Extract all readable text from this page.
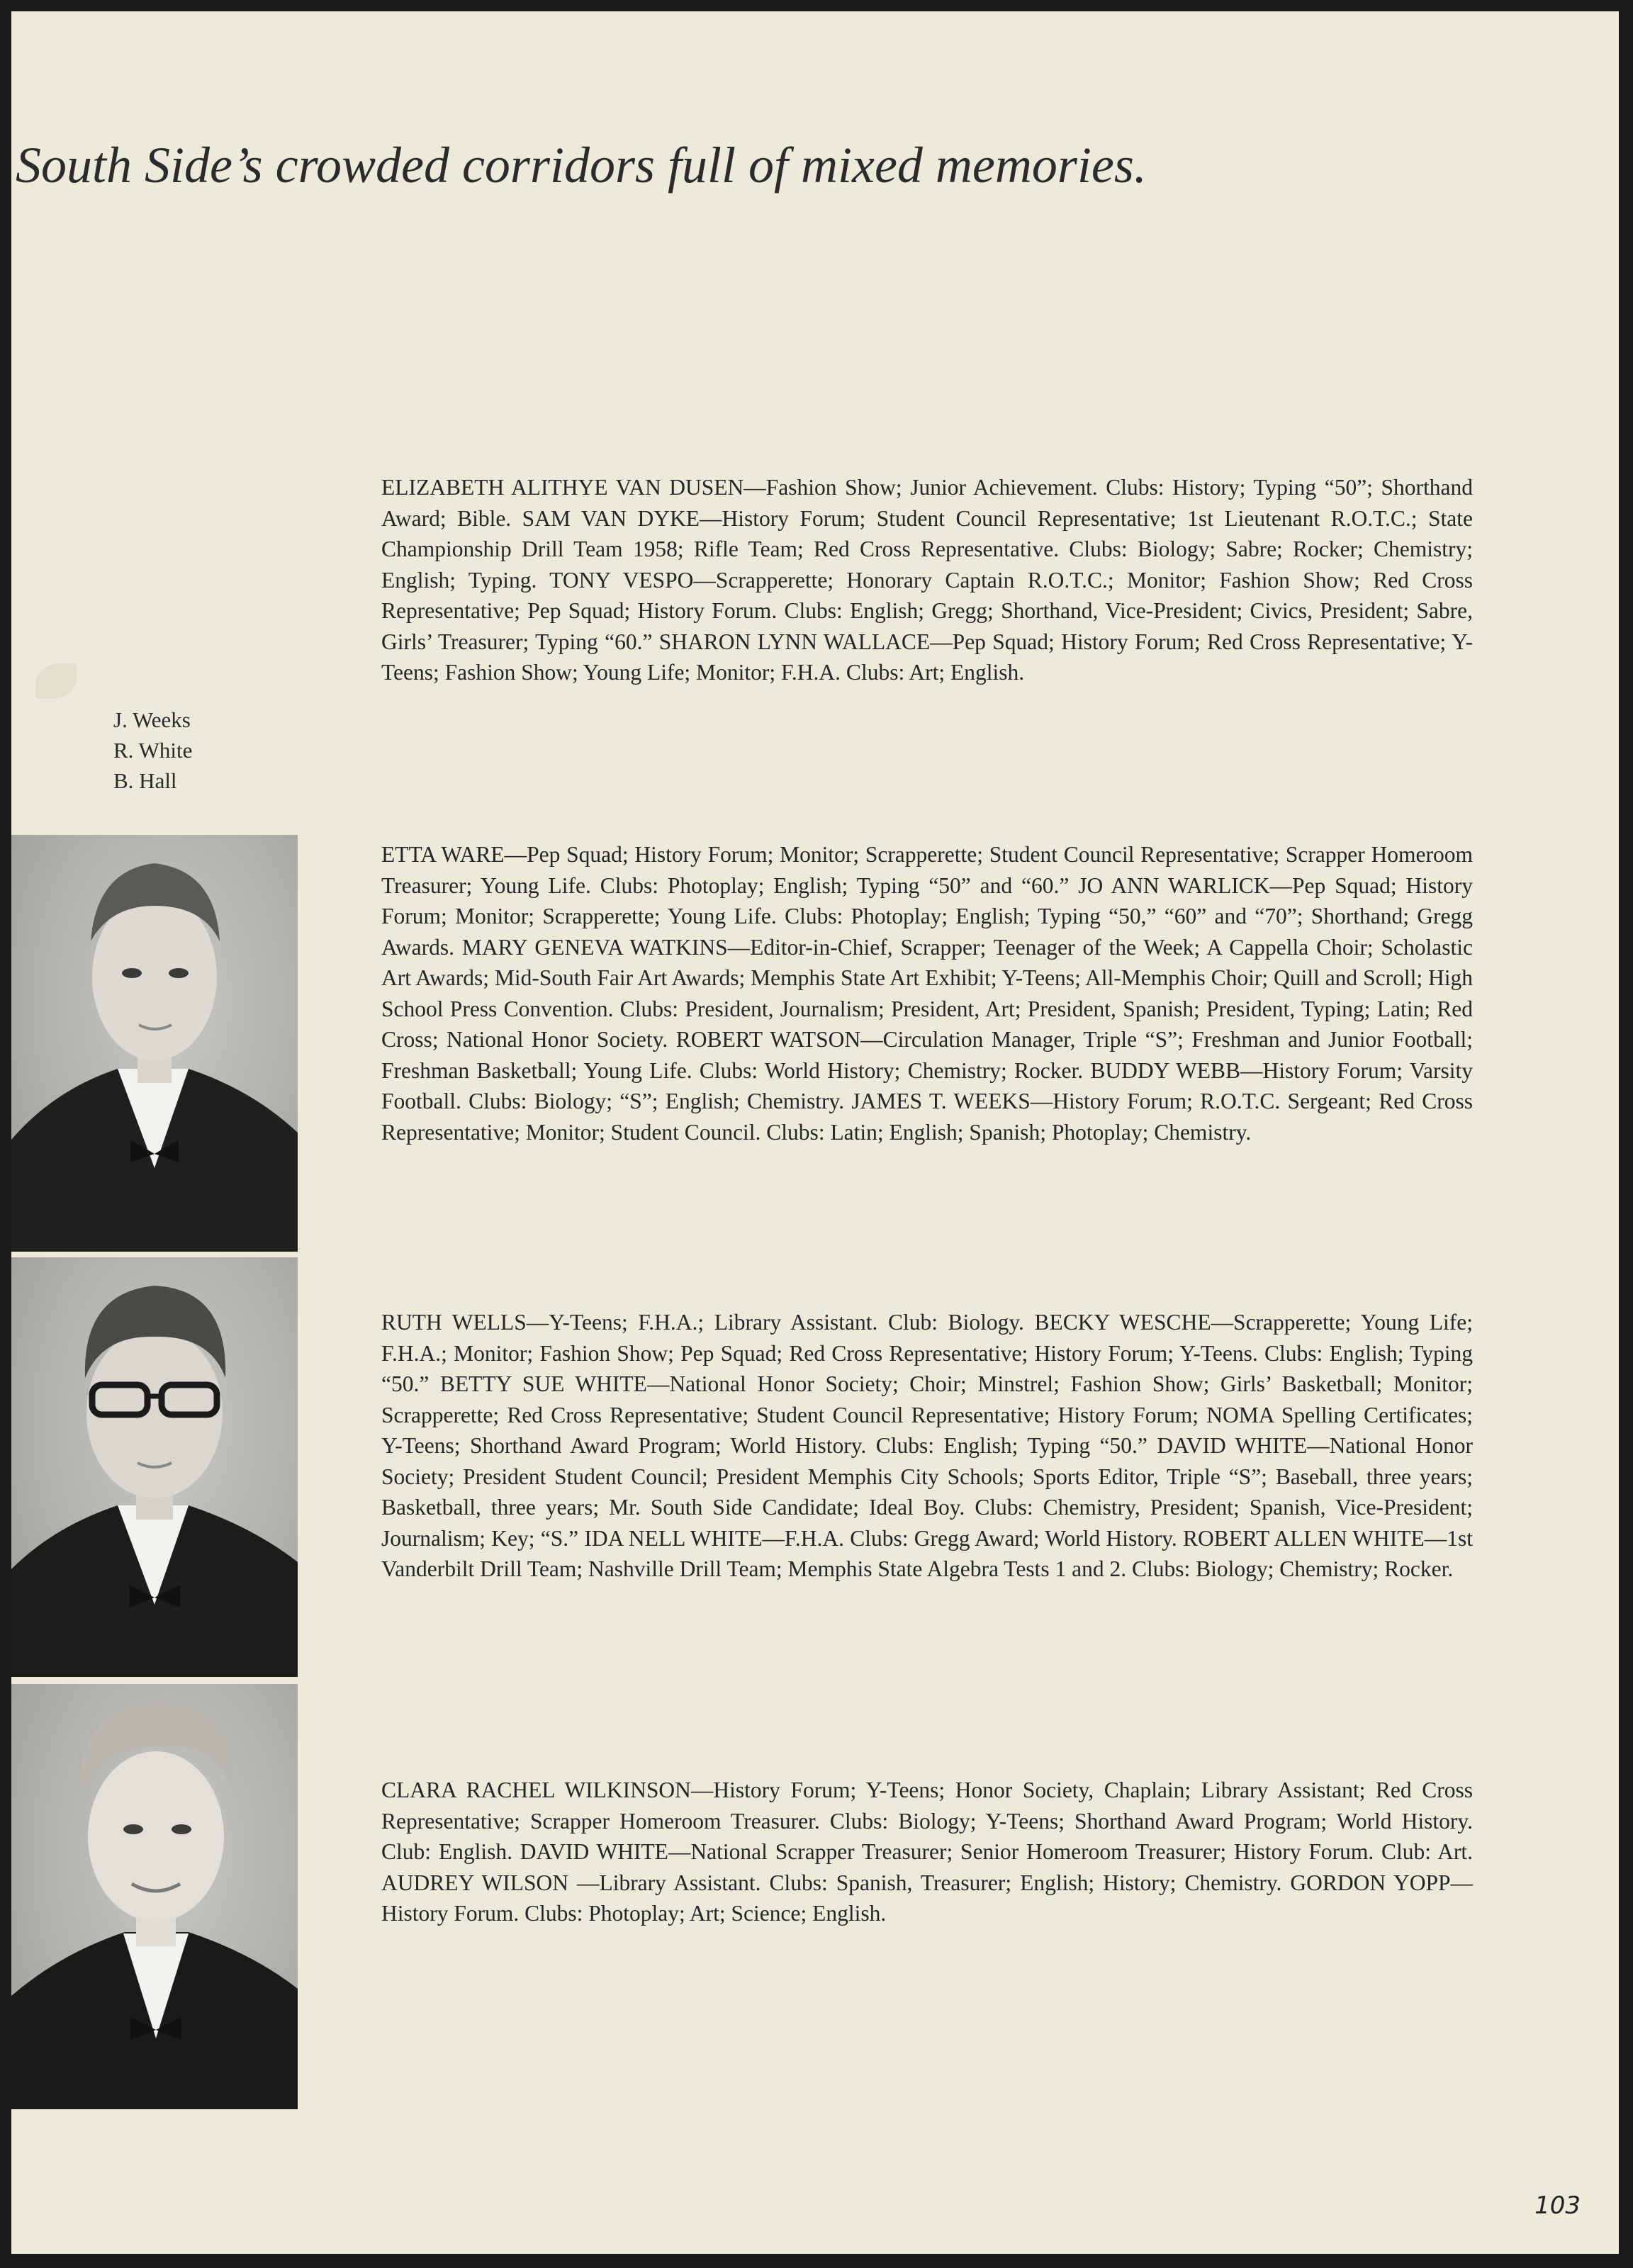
South Side’s crowded corridors full of mixed memories.
J. Weeks
R. White
B. Hall

ELIZABETH ALITHYE VAN DUSEN—Fashion Show; Junior Achievement. Clubs: History; Typing “50”; Shorthand Award; Bible. SAM VAN DYKE—History Forum; Student Council Representative; 1st Lieutenant R.O.T.C.; State Championship Drill Team 1958; Rifle Team; Red Cross Representative. Clubs: Biology; Sabre; Rocker; Chemistry; English; Typing. TONY VESPO—Scrapperette; Honorary Captain R.O.T.C.; Monitor; Fashion Show; Red Cross Representative; Pep Squad; History Forum. Clubs: English; Gregg; Shorthand, Vice-President; Civics, President; Sabre, Girls’ Treasurer; Typing “60.” SHARON LYNN WALLACE—Pep Squad; History Forum; Red Cross Representative; Y-Teens; Fashion Show; Young Life; Monitor; F.H.A. Clubs: Art; English.

ETTA WARE—Pep Squad; History Forum; Monitor; Scrapperette; Student Council Representative; Scrapper Homeroom Treasurer; Young Life. Clubs: Photoplay; English; Typing “50” and “60.” JO ANN WARLICK—Pep Squad; History Forum; Monitor; Scrapperette; Young Life. Clubs: Photoplay; English; Typing “50,” “60” and “70”; Shorthand; Gregg Awards. MARY GENEVA WATKINS—Editor-in-Chief, Scrapper; Teenager of the Week; A Cappella Choir; Scholastic Art Awards; Mid-South Fair Art Awards; Memphis State Art Exhibit; Y-Teens; All-Memphis Choir; Quill and Scroll; High School Press Convention. Clubs: President, Journalism; President, Art; President, Spanish; President, Typing; Latin; Red Cross; National Honor Society. ROBERT WATSON—Circulation Manager, Triple “S”; Freshman and Junior Football; Freshman Basketball; Young Life. Clubs: World History; Chemistry; Rocker. BUDDY WEBB—History Forum; Varsity Football. Clubs: Biology; “S”; English; Chemistry. JAMES T. WEEKS—History Forum; R.O.T.C. Sergeant; Red Cross Representative; Monitor; Student Council. Clubs: Latin; English; Spanish; Photoplay; Chemistry.

RUTH WELLS—Y-Teens; F.H.A.; Library Assistant. Club: Biology. BECKY WESCHE—Scrapperette; Young Life; F.H.A.; Monitor; Fashion Show; Pep Squad; Red Cross Representative; History Forum; Y-Teens. Clubs: English; Typing “50.” BETTY SUE WHITE—National Honor Society; Choir; Minstrel; Fashion Show; Girls’ Basketball; Monitor; Scrapperette; Red Cross Representative; Student Council Representative; History Forum; NOMA Spelling Certificates; Y-Teens; Shorthand Award Program; World History. Clubs: English; Typing “50.” DAVID WHITE—National Honor Society; President Student Council; President Memphis City Schools; Sports Editor, Triple “S”; Baseball, three years; Basketball, three years; Mr. South Side Candidate; Ideal Boy. Clubs: Chemistry, President; Spanish, Vice-President; Journalism; Key; “S.” IDA NELL WHITE—F.H.A. Clubs: Gregg Award; World History. ROBERT ALLEN WHITE—1st Vanderbilt Drill Team; Nashville Drill Team; Memphis State Algebra Tests 1 and 2. Clubs: Biology; Chemistry; Rocker.

CLARA RACHEL WILKINSON—History Forum; Y-Teens; Honor Society, Chaplain; Library Assistant; Red Cross Representative; Scrapper Homeroom Treasurer. Clubs: Biology; Y-Teens; Shorthand Award Program; World History. Club: English. DAVID WHITE—National Scrapper Treasurer; Senior Homeroom Treasurer; History Forum. Club: Art. AUDREY WILSON —Library Assistant. Clubs: Spanish, Treasurer; English; History; Chemistry. GORDON YOPP—History Forum. Clubs: Photoplay; Art; Science; English.

103
